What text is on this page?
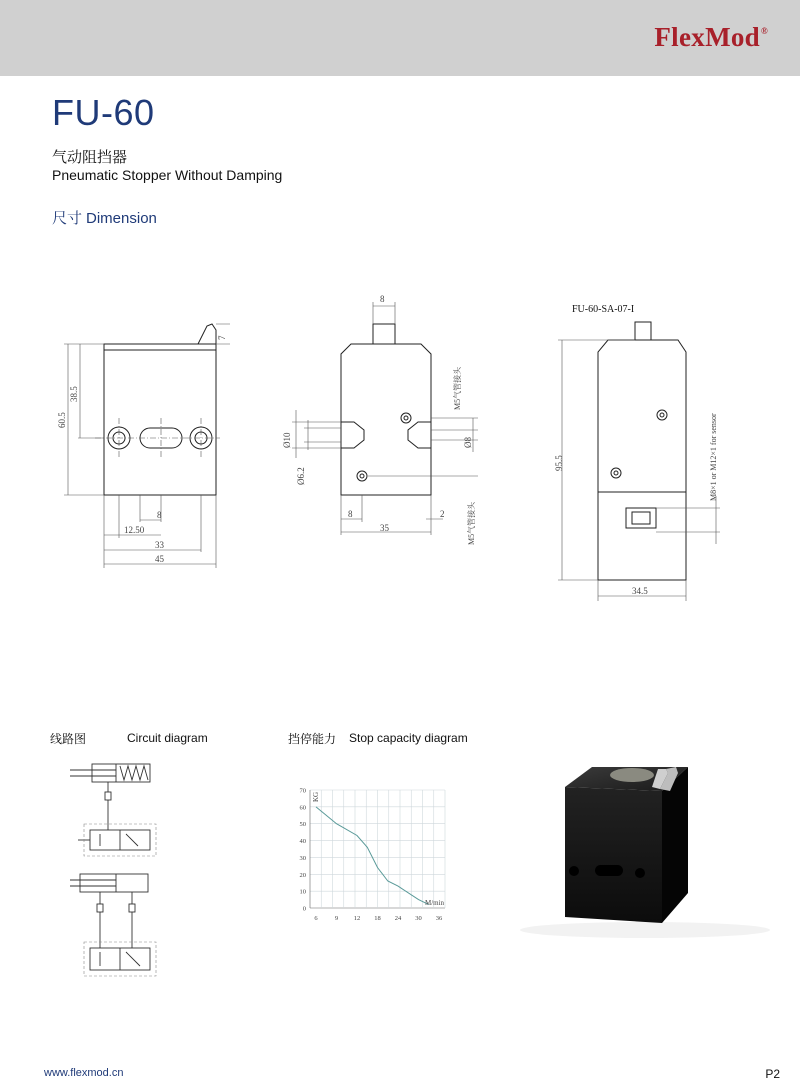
FlexMod®
FU-60
气动阻挡器
Pneumatic Stopper Without Damping
尺寸 Dimension
7
60.5
38.5
8
12.50
33
45
8
Ø10
Ø6.2
Ø8
M5气管接头
M5气管接头
8
35
2
FU-60-SA-07-I
95.5	M8×1 or M12×1 for sensor
34.5
线路图	Circuit diagram	挡停能力 Stop capacity diagram
0
10
20
30
40
50
60
70
6	9 12 18 24 30 36
KG
M/min
www.flexmod.cn	P2
